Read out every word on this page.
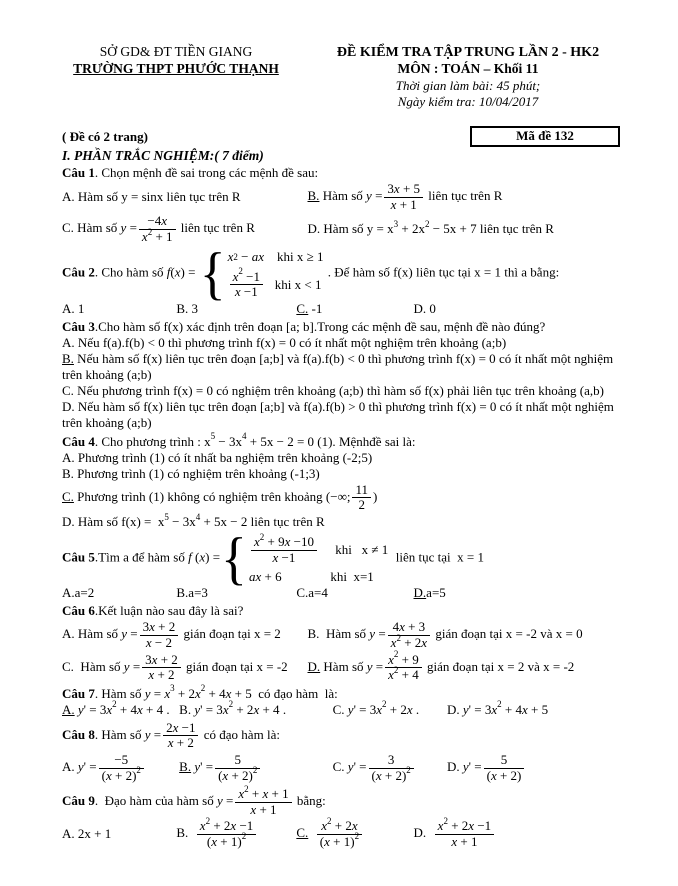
SỞ GD& ĐT TIỀN GIANG
TRƯỜNG THPT PHƯỚC THẠNH
ĐỀ KIỂM TRA TẬP TRUNG LẦN 2 - HK2
MÔN : TOÁN – Khối 11
Thời gian làm bài: 45 phút;
Ngày kiểm tra: 10/04/2017
( Đề có 2 trang)	Mã đề 132
I. PHẦN TRẮC NGHIỆM:( 7 điểm)
Câu 1. Chọn mệnh đề sai trong các mệnh đề sau:
A. Hàm số y = sinx liên tục trên R	B. Hàm số $y = \frac{3x + 5}{x + 1}$ liên tục trên R
C. Hàm số $y = \frac{-4x}{x^2 + 1}$ liên tục trên R	D. Hàm số $y = x^3 + 2x^2 - 5x + 7$ liên tục trên R
Câu 2. Cho hàm số f(x) = { $x^2$ − ax
khi
x ≥ 1
$\frac{x^2 -1}{x -1}$
khi
x < 1
. Để hàm số f(x) liên tục tại x = 1 thì a bằng:
A. 1	B. 3	C. -1	D. 0
Câu 3.Cho hàm số f(x) xác định trên đoạn [a; b].Trong các mệnh đề sau, mệnh đề nào đúng?
A. Nếu f(a).f(b) < 0 thì phương trình f(x) = 0 có ít nhất một nghiệm trên khoảng (a;b)
B. Nếu hàm số f(x) liên tục trên đoạn [a;b] và f(a).f(b) < 0 thì phương trình f(x) = 0 có ít nhất một nghiệm trên khoảng (a;b)
C. Nếu phương trình f(x) = 0 có nghiệm trên khoảng (a;b) thì hàm số f(x) phải liên tục trên khoảng (a,b)
D. Nếu hàm số f(x) liên tục trên đoạn [a;b] và f(a).f(b) > 0 thì phương trình f(x) = 0 có ít nhất một nghiệm trên khoảng (a;b)
Câu 4. Cho phương trình : $x^5 - 3x^4 + 5x - 2 = 0$ (1). Mệnhđề sai là:
A. Phương trình (1) có ít nhất ba nghiệm trên khoảng (-2;5)
B. Phương trình (1) có nghiệm trên khoảng (-1;3)
C. Phương trình (1) không có nghiệm trên khoảng (−∞; $\frac{11}{2}$ )
D. Hàm số $f(x) = x^5 - 3x^4 + 5x - 2$ liên tục trên R
Câu 5.Tìm a để hàm số f (x) = { $\frac{x^2 + 9x -10}{x -1}$
khi
x ≠ 1
ax + 6
	khi
x =1
liên tục tại x = 1
A.a=2	B.a=3	C.a=4	D.a=5
Câu 6.Kết luận nào sau đây là sai?
A. Hàm số $y = \frac{3x + 2}{x - 2}$ gián đoạn tại x = 2	B. Hàm số $y = \frac{4x + 3}{x^2 + 2x}$ gián đoạn tại x = -2 và x = 0
C. Hàm số $y = \frac{3x + 2}{x + 2}$ gián đoạn tại x = -2	D. Hàm số $y = \frac{x^2 + 9}{x^2 + 4}$ gián đoạn tại x = 2 và x = -2
Câu 7. Hàm số $y = x^3 + 2x^2 + 4x + 5$ có đạo hàm là:
A. $y' = 3x^2 + 4x + 4$ . B. $y' = 3x^2 + 2x + 4$ .	C. $y' = 3x^2 + 2x$ .	D. $y' = 3x^2 + 4x + 5$
Câu 8. Hàm số $y = \frac{2x -1}{x + 2}$ có đạo hàm là:
A. $y' = \frac{-5}{(x + 2)^2}$	B. $y' = \frac{5}{(x + 2)^2}$	C. $y' = \frac{3}{(x + 2)^2}$	D. $y' = \frac{5}{(x + 2)}$
Câu 9.  Đạo hàm của hàm số $y = \frac{x^2 + x + 1}{x + 1}$ bằng:
A. 2x + 1	B. $\frac{x^2 + 2x -1}{(x + 1)^2}$	C. $\frac{x^2 + 2x}{(x + 1)^2}$	D. $\frac{x^2 + 2x -1}{x + 1}$
